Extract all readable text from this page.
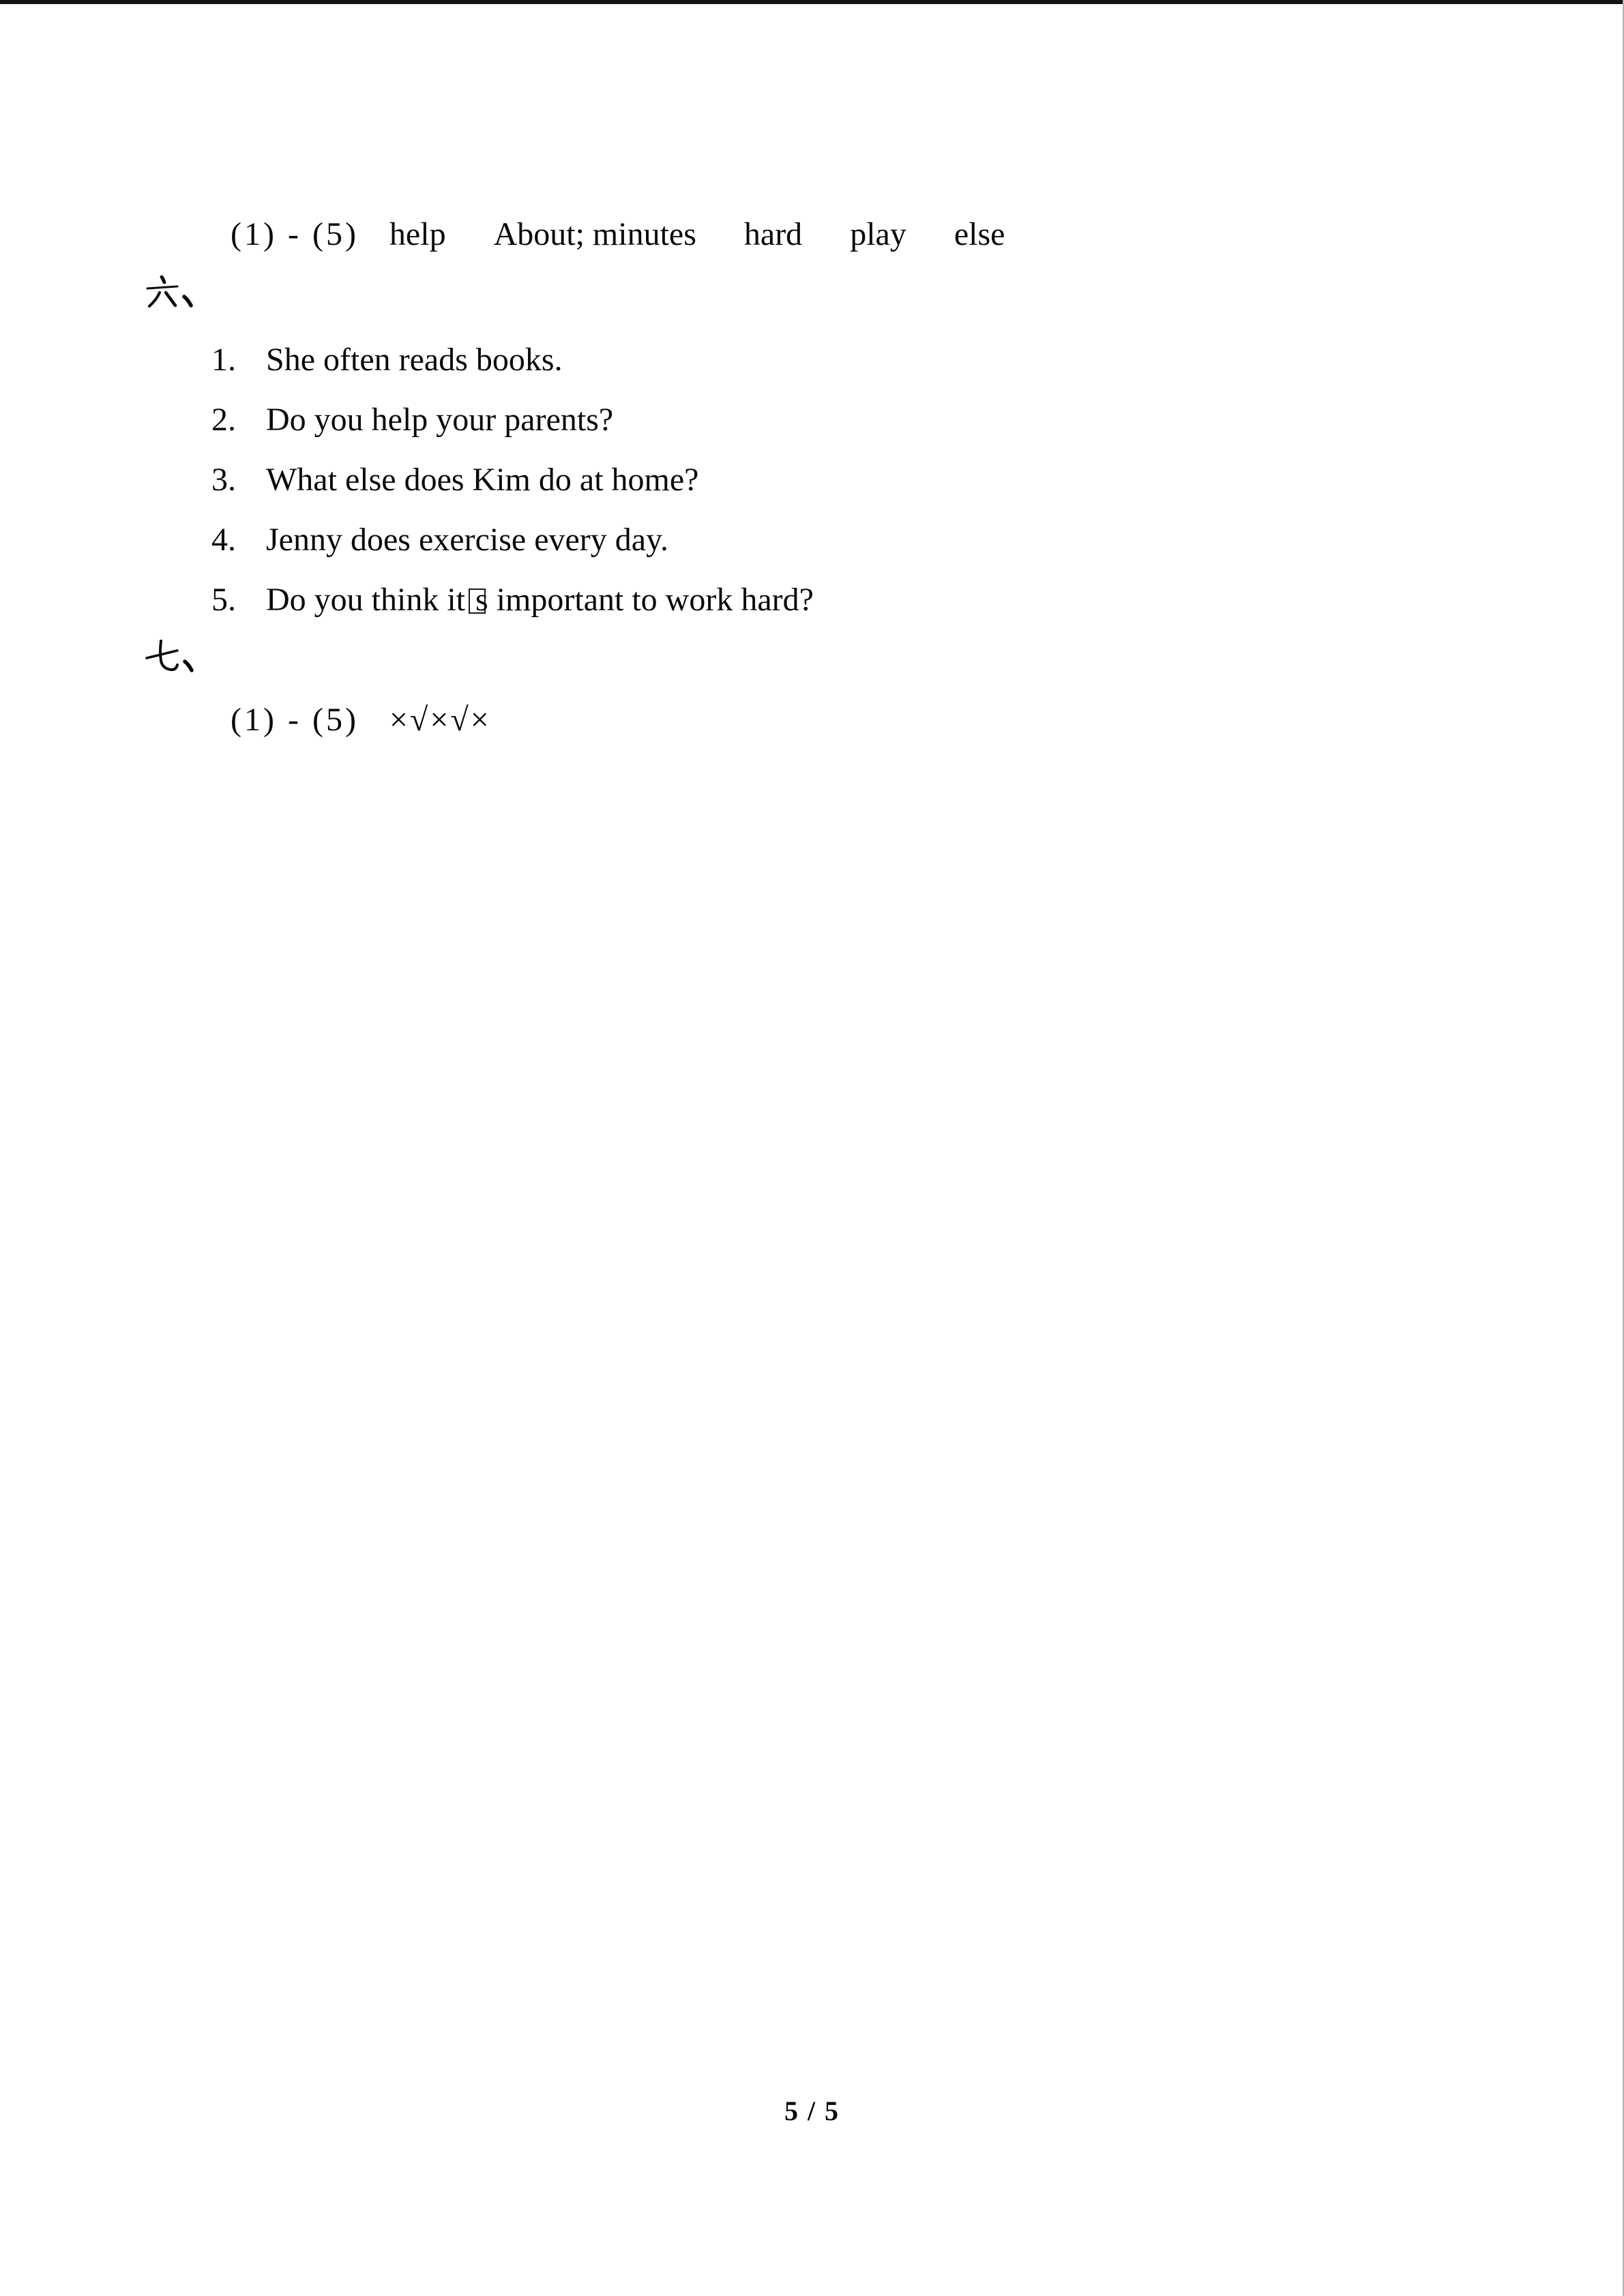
(1) - (5) help About; minutes hard play else
1. She often reads books.
2. Do you help your parents?
3. What else does Kim do at home?
4. Jenny does exercise every day.
5. Do you think it s important to work hard?
(1) - (5) ×√×√×
5 / 5
